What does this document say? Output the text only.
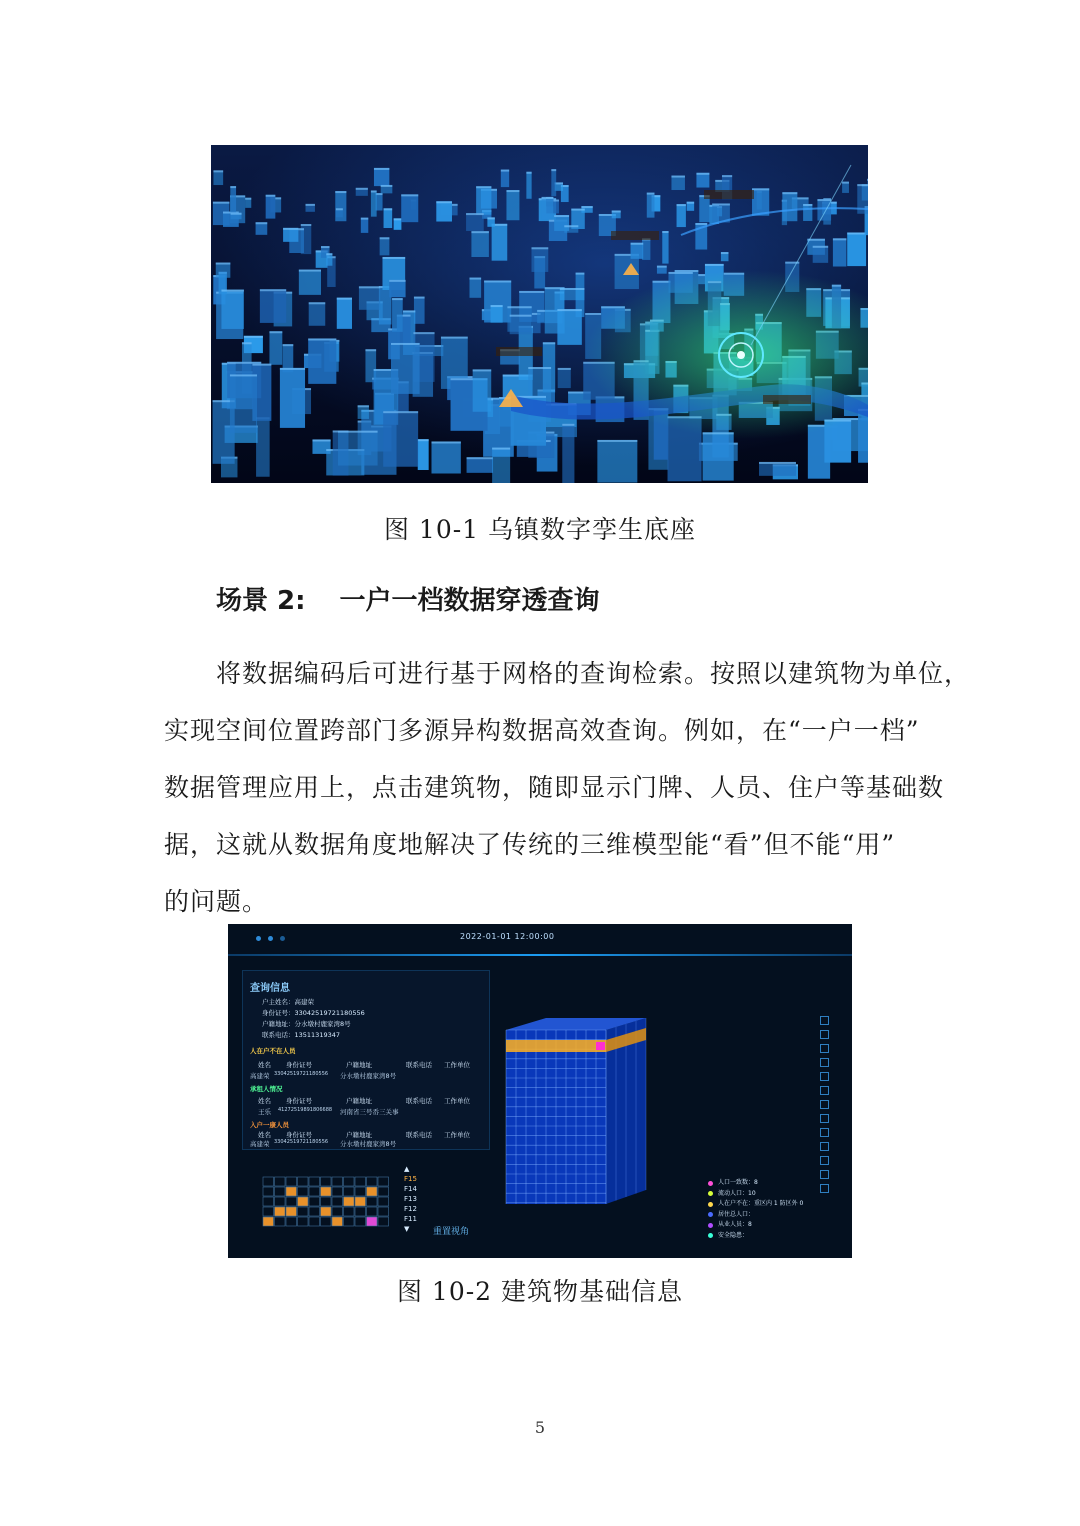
图 10-1 乌镇数字孪生底座
场景 2: 一户一档数据穿透查询
将数据编码后可进行基于网格的查询检索。按照以建筑物为单位，
实现空间位置跨部门多源异构数据高效查询。例如，在“一户一档”
数据管理应用上，点击建筑物，随即显示门牌、人员、住户等基础数
据，这就从数据角度地解决了传统的三维模型能“看”但不能“用”
的问题。
2022-01-01 12:00:00
查询信息
户主姓名：高建荣
身份证号：33042519721180556
户籍地址：分水墩村鹿家湾8号
联系电话：13511319347
人在户不在人员
姓名 身份证号	户籍地址	联系电话 工作单位
高建荣 33042519721180556 分水墩村鹿家湾8号
承租人情况
姓名 身份证号	户籍地址	联系电话 工作单位
王乐 41272519891806688 河南省三号岙三关事
入户一康人员
姓名 身份证号	户籍地址	联系电话 工作单位
高建荣 33042519721180556 分水墩村鹿家湾8号
▲
F15
F14
F13
F12
F11
▼	重置视角
人口一致数：8
流动人口：10
人在户不在：重区内 1 防区外 0
居住总人口：
从业人员：8
安全隐患：
图 10-2 建筑物基础信息
5
